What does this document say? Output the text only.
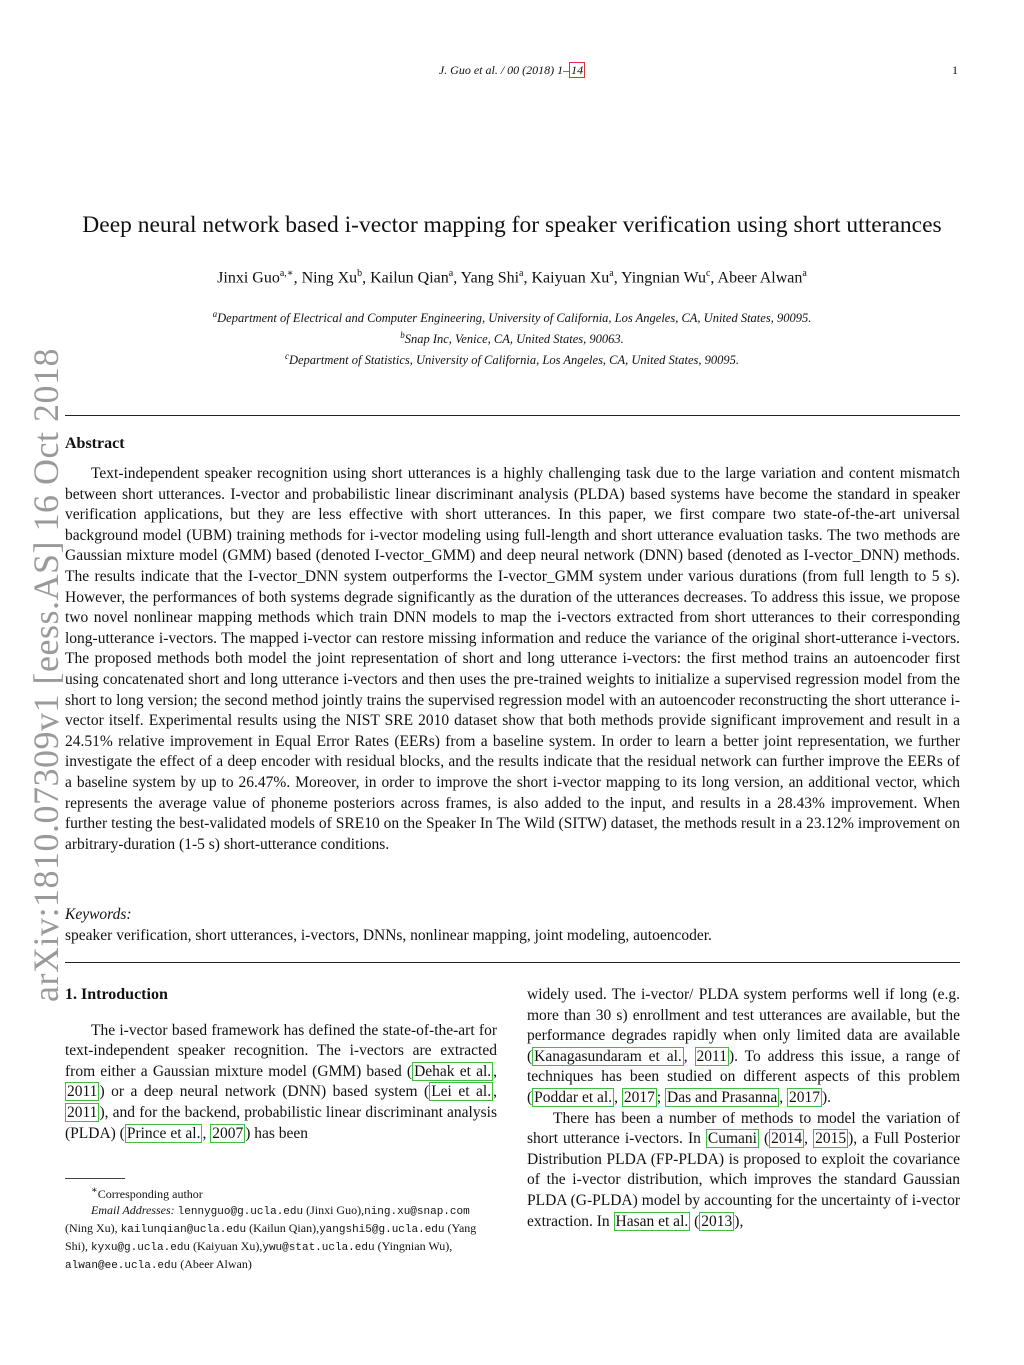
J. Guo et al. / 00 (2018) 1– 14	1
arXiv:1810.07309v1 [eess.AS] 16 Oct 2018
Deep neural network based i-vector mapping for speaker verification using short utterances
Jinxi Guo$^{a,∗}$, Ning Xu$^b$, Kailun Qian$^a$, Yang Shi$^a$, Kaiyuan Xu$^a$, Yingnian Wu$^c$, Abeer Alwan$^a$
$^a$Department of Electrical and Computer Engineering, University of California, Los Angeles, CA, United States, 90095.
$^b$Snap Inc, Venice, CA, United States, 90063.
$^c$Department of Statistics, University of California, Los Angeles, CA, United States, 90095.
Abstract

Text-independent speaker recognition using short utterances is a highly challenging task due to the large variation and content mismatch between short utterances. I-vector and probabilistic linear discriminant analysis (PLDA) based systems have become the standard in speaker verification applications, but they are less effective with short utterances. In this paper, we first compare two state-of-the-art universal background model (UBM) training methods for i-vector modeling using full-length and short utterance evaluation tasks. The two methods are Gaussian mixture model (GMM) based (denoted I-vector_GMM) and deep neural network (DNN) based (denoted as I-vector_DNN) methods. The results indicate that the I-vector_DNN system outperforms the I-vector_GMM system under various durations (from full length to 5 s). However, the performances of both systems degrade significantly as the duration of the utterances decreases. To address this issue, we propose two novel nonlinear mapping methods which train DNN models to map the i-vectors extracted from short utterances to their corresponding long-utterance i-vectors. The mapped i-vector can restore missing information and reduce the variance of the original short-utterance i-vectors. The proposed methods both model the joint representation of short and long utterance i-vectors: the first method trains an autoencoder first using concatenated short and long utterance i-vectors and then uses the pre-trained weights to initialize a supervised regression model from the short to long version; the second method jointly trains the supervised regression model with an autoencoder reconstructing the short utterance i-vector itself. Experimental results using the NIST SRE 2010 dataset show that both methods provide significant improvement and result in a 24.51% relative improvement in Equal Error Rates (EERs) from a baseline system. In order to learn a better joint representation, we further investigate the effect of a deep encoder with residual blocks, and the results indicate that the residual network can further improve the EERs of a baseline system by up to 26.47%. Moreover, in order to improve the short i-vector mapping to its long version, an additional vector, which represents the average value of phoneme posteriors across frames, is also added to the input, and results in a 28.43% improvement. When further testing the best-validated models of SRE10 on the Speaker In The Wild (SITW) dataset, the methods result in a 23.12% improvement on arbitrary-duration (1-5 s) short-utterance conditions.

Keywords:
speaker verification, short utterances, i-vectors, DNNs, nonlinear mapping, joint modeling, autoencoder.

1. Introduction

The i-vector based framework has defined the state-of-the-art for text-independent speaker recognition. The i-vectors are extracted from either a Gaussian mixture model (GMM) based ( Dehak et al. , 2011 ) or a deep neural network (DNN) based system ( Lei et al. , 2011 ), and for the backend, probabilistic linear discriminant analysis (PLDA) ( Prince et al. , 2007 ) has been

widely used. The i-vector/ PLDA system performs well if long (e.g. more than 30 s) enrollment and test utterances are available, but the performance degrades rapidly when only limited data are available ( Kanagasundaram et al. , 2011 ). To address this issue, a range of techniques has been studied on different aspects of this problem ( Poddar et al. , 2017 ; Das and Prasanna , 2017 ).

There has been a number of methods to model the variation of short utterance i-vectors. In Cumani ( 2014 , 2015 ), a Full Posterior Distribution PLDA (FP-PLDA) is proposed to exploit the covariance of the i-vector distribution, which improves the standard Gaussian PLDA (G-PLDA) model by accounting for the uncertainty of i-vector extraction. In Hasan et al. ( 2013 ),

∗Corresponding author

Email Addresses: lennyguo@g.ucla.edu (Jinxi Guo),ning.xu@snap.com (Ning Xu), kailunqian@ucla.edu (Kailun Qian),yangshi5@g.ucla.edu (Yang Shi), kyxu@g.ucla.edu (Kaiyuan Xu),ywu@stat.ucla.edu (Yingnian Wu), alwan@ee.ucla.edu (Abeer Alwan)
